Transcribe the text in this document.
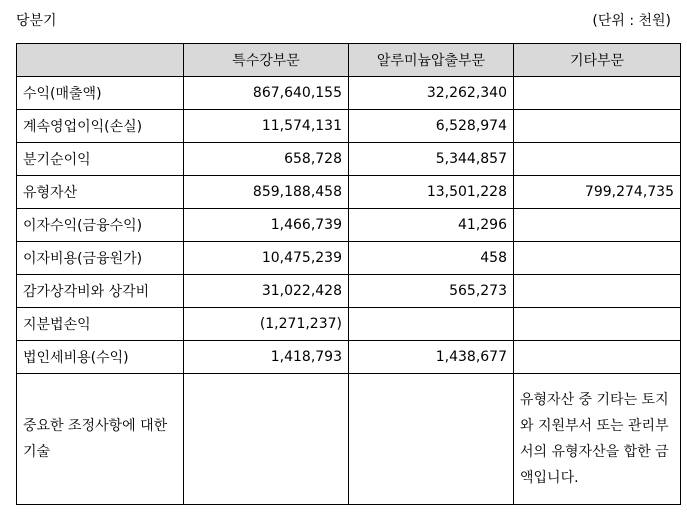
당분기	(단위 : 천원)
	특수강부문	알루미늄압출부문	기타부문
수익(매출액)	867,640,155	32,262,340	
계속영업이익(손실)	11,574,131	6,528,974	
분기순이익	658,728	5,344,857	
유형자산	859,188,458	13,501,228	799,274,735
이자수익(금융수익)	1,466,739	41,296	
이자비용(금융원가)	10,475,239	458	
감가상각비와 상각비	31,022,428	565,273	
지분법손익	(1,271,237)		
법인세비용(수익)	1,418,793	1,438,677	
중요한 조정사항에 대한 기술			유형자산 중 기타는 토지와 지원부서 또는 관리부서의 유형자산을 합한 금액입니다.
